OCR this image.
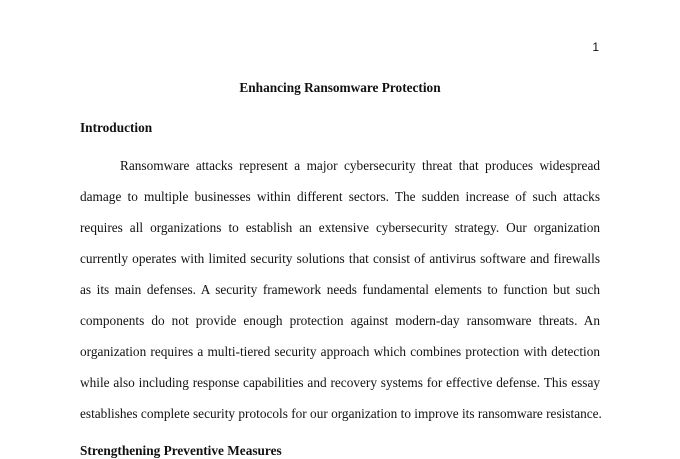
1
Enhancing Ransomware Protection
Introduction
Ransomware attacks represent a major cybersecurity threat that produces widespread
damage to multiple businesses within different sectors. The sudden increase of such attacks
requires all organizations to establish an extensive cybersecurity strategy. Our organization
currently operates with limited security solutions that consist of antivirus software and firewalls
as its main defenses. A security framework needs fundamental elements to function but such
components do not provide enough protection against modern-day ransomware threats. An
organization requires a multi-tiered security approach which combines protection with detection
while also including response capabilities and recovery systems for effective defense. This essay
establishes complete security protocols for our organization to improve its ransomware resistance.
Strengthening Preventive Measures
